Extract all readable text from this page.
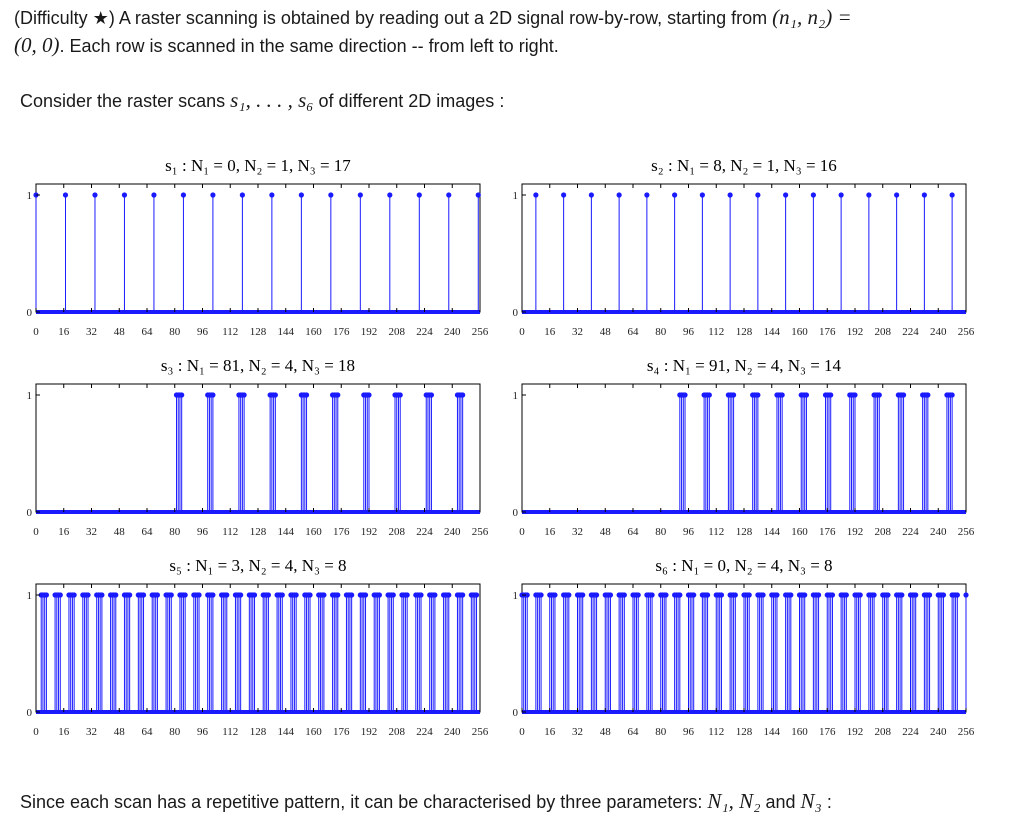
(Difficulty ★) A raster scanning is obtained by reading out a 2D signal row-by-row, starting from (n₁, n₂) =
(0, 0). Each row is scanned in the same direction -- from left to right.
Consider the raster scans s₁, . . . , s₆ of different 2D images :
s₁ : N₁ = 0, N₂ = 1, N₃ = 17
0
1
0 16 32 48 64 80 96 112 128 144 160 176 192 208 224 240 256
s₂ : N₁ = 8, N₂ = 1, N₃ = 16
0
1
0 16 32 48 64 80 96 112 128 144 160 176 192 208 224 240 256
s₃ : N₁ = 81, N₂ = 4, N₃ = 18
0
1
0 16 32 48 64 80 96 112 128 144 160 176 192 208 224 240 256
s₄ : N₁ = 91, N₂ = 4, N₃ = 14
0
1
0 16 32 48 64 80 96 112 128 144 160 176 192 208 224 240 256
s₅ : N₁ = 3, N₂ = 4, N₃ = 8
0
1
0 16 32 48 64 80 96 112 128 144 160 176 192 208 224 240 256
s₆ : N₁ = 0, N₂ = 4, N₃ = 8
0
1
0 16 32 48 64 80 96 112 128 144 160 176 192 208 224 240 256
Since each scan has a repetitive pattern, it can be characterised by three parameters: N₁, N₂ and N₃ :
